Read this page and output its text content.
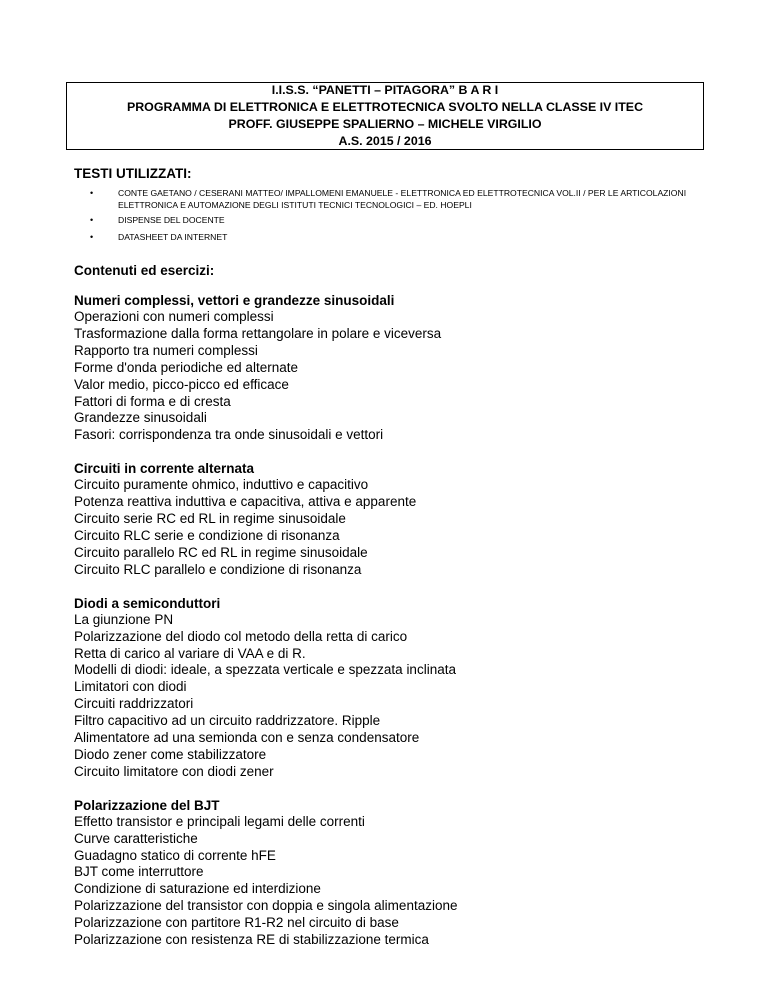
I.I.S.S. “PANETTI – PITAGORA” B A R I
PROGRAMMA DI ELETTRONICA E ELETTROTECNICA SVOLTO NELLA CLASSE IV ITEC
PROFF. GIUSEPPE SPALIERNO – MICHELE VIRGILIO
A.S. 2015 / 2016
TESTI UTILIZZATI:
•	CONTE GAETANO / CESERANI MATTEO/ IMPALLOMENI EMANUELE - ELETTRONICA ED ELETTROTECNICA VOL.II / PER LE ARTICOLAZIONI ELETTRONICA E AUTOMAZIONE DEGLI ISTITUTI TECNICI TECNOLOGICI – ED. HOEPLI
•	DISPENSE DEL DOCENTE
•	DATASHEET DA INTERNET
Contenuti ed esercizi:
Numeri complessi, vettori e grandezze sinusoidali
Operazioni con numeri complessi
Trasformazione dalla forma rettangolare in polare e viceversa
Rapporto tra numeri complessi
Forme d'onda periodiche ed alternate
Valor medio, picco-picco ed efficace
Fattori di forma e di cresta
Grandezze sinusoidali
Fasori: corrispondenza tra onde sinusoidali e vettori
Circuiti in corrente alternata
Circuito puramente ohmico, induttivo e capacitivo
Potenza reattiva induttiva e capacitiva, attiva e apparente
Circuito serie RC ed RL in regime sinusoidale
Circuito RLC serie e condizione di risonanza
Circuito parallelo RC ed RL in regime sinusoidale
Circuito RLC parallelo e condizione di risonanza
Diodi a semiconduttori
La giunzione PN
Polarizzazione del diodo col metodo della retta di carico
Retta di carico al variare di VAA e di R.
Modelli di diodi: ideale, a spezzata verticale e spezzata inclinata
Limitatori con diodi
Circuiti raddrizzatori
Filtro capacitivo ad un circuito raddrizzatore. Ripple
Alimentatore ad una semionda con e senza condensatore
Diodo zener come stabilizzatore
Circuito limitatore con diodi zener
Polarizzazione del BJT
Effetto transistor e principali legami delle correnti
Curve caratteristiche
Guadagno statico di corrente hFE
BJT come interruttore
Condizione di saturazione ed interdizione
Polarizzazione del transistor con doppia e singola alimentazione
Polarizzazione con partitore R1-R2 nel circuito di base
Polarizzazione con resistenza RE di stabilizzazione termica
